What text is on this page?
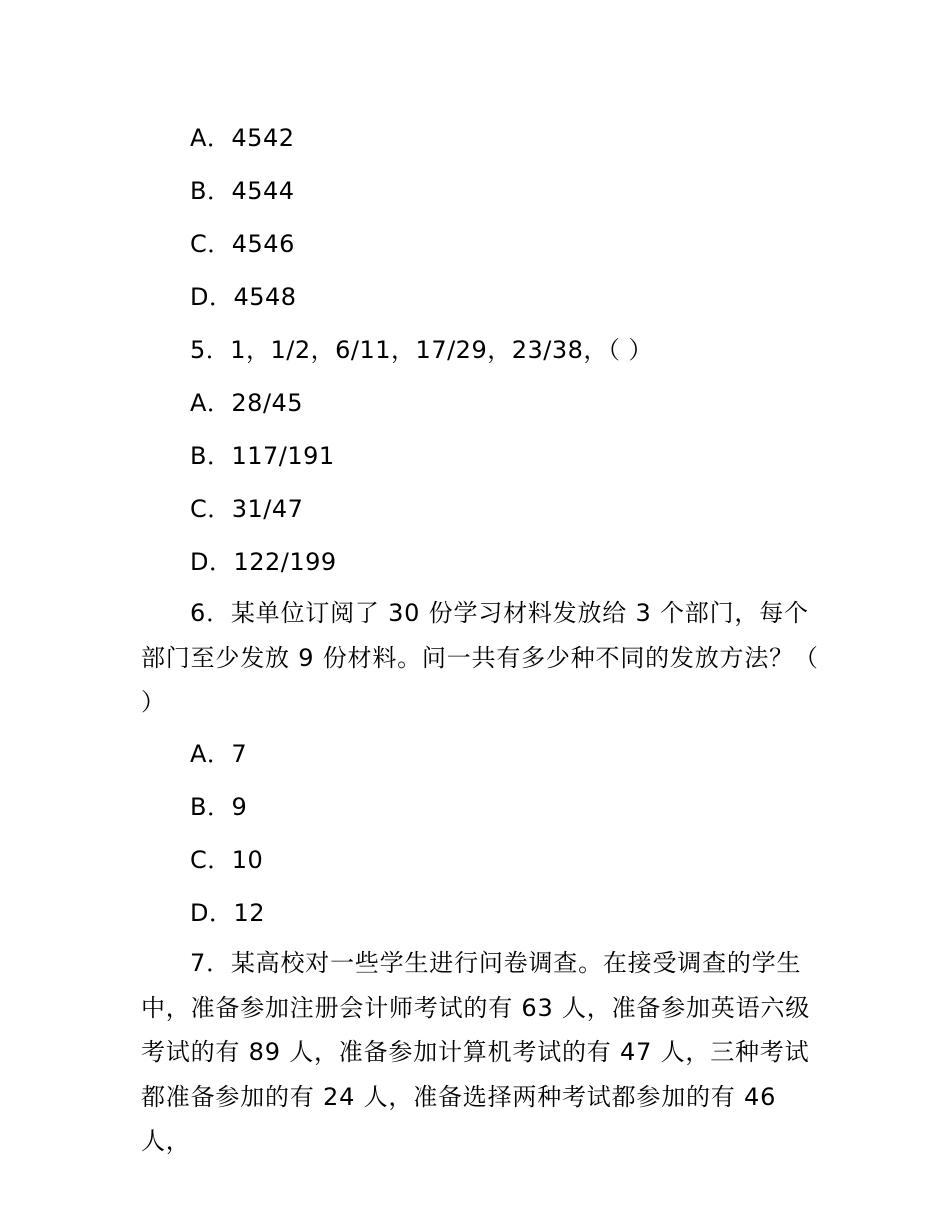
A．4542
B．4544
C．4546
D．4548
5．1，1/2，6/11，17/29，23/38，（ ）
A．28/45
B．117/191
C．31/47
D．122/199

6．某单位订阅了 30 份学习材料发放给 3 个部门，每个部门至少发放 9 份材料。问一共有多少种不同的发放方法？（ ）

A．7
B．9
C．10
D．12

7．某高校对一些学生进行问卷调查。在接受调查的学生中，准备参加注册会计师考试的有 63 人，准备参加英语六级考试的有 89 人，准备参加计算机考试的有 47 人，三种考试都准备参加的有 24 人，准备选择两种考试都参加的有 46 人，
